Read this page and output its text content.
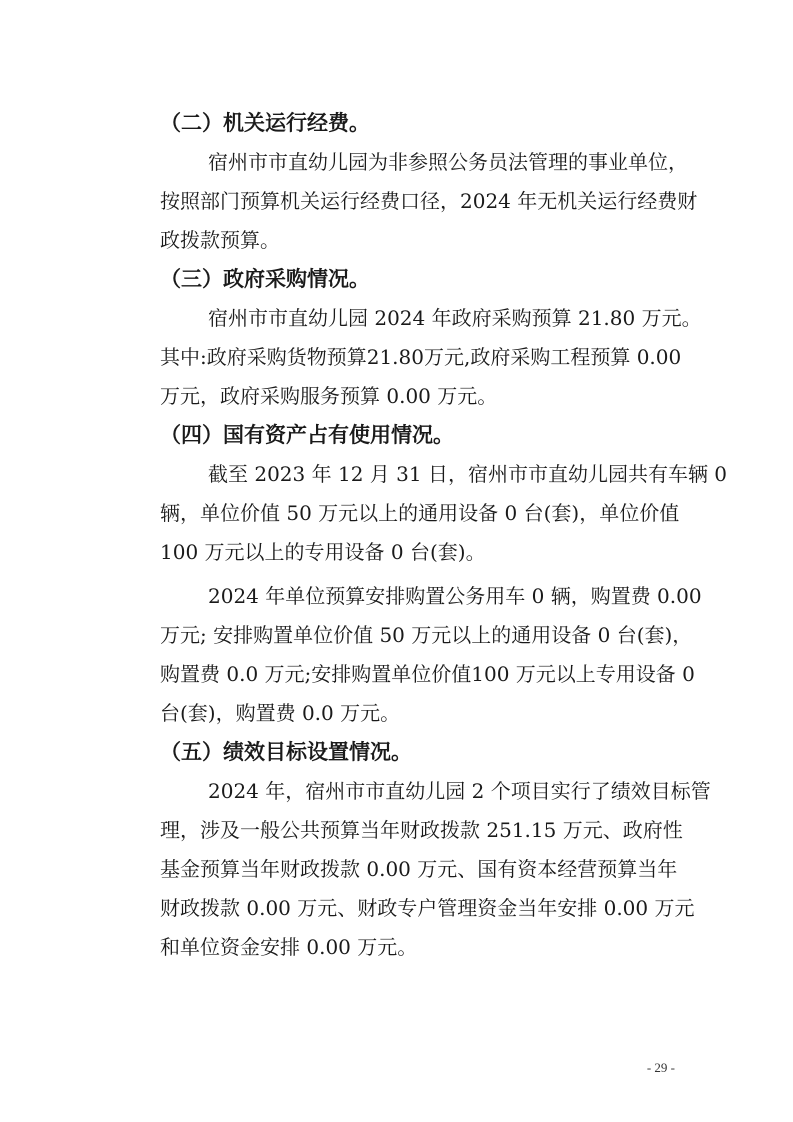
（二）机关运行经费。
宿州市市直幼儿园为非参照公务员法管理的事业单位，
按照部门预算机关运行经费口径，2024 年无机关运行经费财
政拨款预算。
（三）政府采购情况。
宿州市市直幼儿园 2024 年政府采购预算 21.80 万元。
其中:政府采购货物预算21.80万元,政府采购工程预算 0.00
万元，政府采购服务预算 0.00 万元。
（四）国有资产占有使用情况。
截至 2023 年 12 月 31 日，宿州市市直幼儿园共有车辆 0
辆，单位价值 50 万元以上的通用设备 0 台(套)，单位价值
100 万元以上的专用设备 0 台(套)。
2024 年单位预算安排购置公务用车 0 辆，购置费 0.00
万元; 安排购置单位价值 50 万元以上的通用设备 0 台(套)，
购置费 0.0 万元;安排购置单位价值100 万元以上专用设备 0
台(套)，购置费 0.0 万元。
（五）绩效目标设置情况。
2024 年，宿州市市直幼儿园 2 个项目实行了绩效目标管
理，涉及一般公共预算当年财政拨款 251.15 万元、政府性
基金预算当年财政拨款 0.00 万元、国有资本经营预算当年
财政拨款 0.00 万元、财政专户管理资金当年安排 0.00 万元
和单位资金安排 0.00 万元。
- 29 -
